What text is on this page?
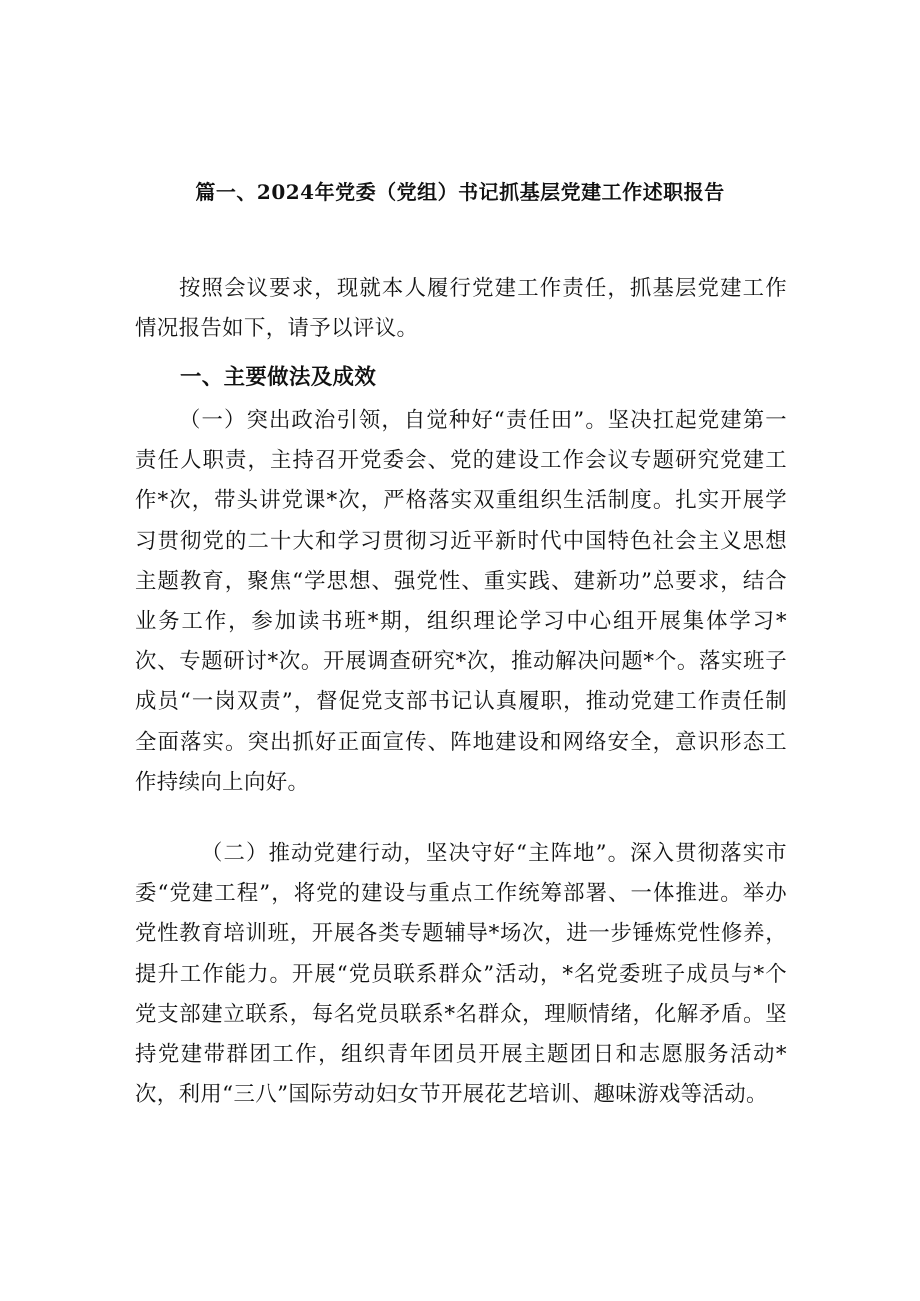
篇一、2024年党委（党组）书记抓基层党建工作述职报告

按照会议要求，现就本人履行党建工作责任，抓基层党建工作情况报告如下，请予以评议。

一、主要做法及成效

（一）突出政治引领，自觉种好“责任田”。坚决扛起党建第一责任人职责，主持召开党委会、党的建设工作会议专题研究党建工作*次，带头讲党课*次，严格落实双重组织生活制度。扎实开展学习贯彻党的二十大和学习贯彻习近平新时代中国特色社会主义思想主题教育，聚焦“学思想、强党性、重实践、建新功”总要求，结合业务工作，参加读书班*期，组织理论学习中心组开展集体学习*次、专题研讨*次。开展调查研究*次，推动解决问题*个。落实班子成员“一岗双责”，督促党支部书记认真履职，推动党建工作责任制全面落实。突出抓好正面宣传、阵地建设和网络安全，意识形态工作持续向上向好。

（二）推动党建行动，坚决守好“主阵地”。深入贯彻落实市委“党建工程”，将党的建设与重点工作统筹部署、一体推进。举办党性教育培训班，开展各类专题辅导*场次，进一步锤炼党性修养，提升工作能力。开展“党员联系群众”活动，*名党委班子成员与*个党支部建立联系，每名党员联系*名群众，理顺情绪，化解矛盾。坚持党建带群团工作，组织青年团员开展主题团日和志愿服务活动*次，利用“三八”国际劳动妇女节开展花艺培训、趣味游戏等活动。
